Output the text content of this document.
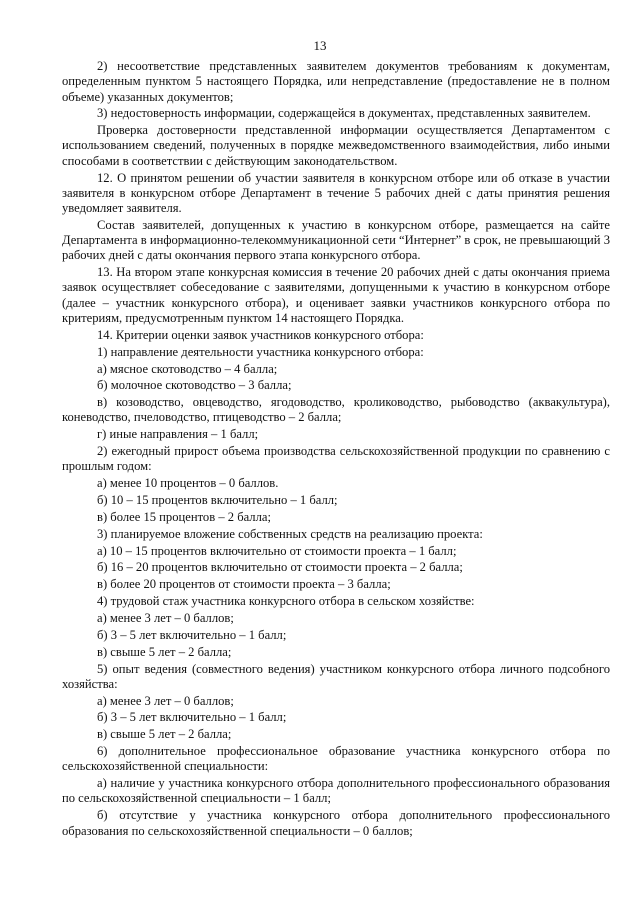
13

2) несоответствие представленных заявителем документов требованиям к документам, определенным пунктом 5 настоящего Порядка, или непредставление (предоставление не в полном объеме) указанных документов;

3) недостоверность информации, содержащейся в документах, представленных заявителем.

Проверка достоверности представленной информации осуществляется Департаментом с использованием сведений, полученных в порядке межведомственного взаимодействия, либо иными способами в соответствии с действующим законодательством.

12. О принятом решении об участии заявителя в конкурсном отборе или об отказе в участии заявителя в конкурсном отборе Департамент в течение 5 рабочих дней с даты принятия решения уведомляет заявителя.

Состав заявителей, допущенных к участию в конкурсном отборе, размещается на сайте Департамента в информационно-телекоммуникационной сети “Интернет” в срок, не превышающий 3 рабочих дней с даты окончания первого этапа конкурсного отбора.

13. На втором этапе конкурсная комиссия в течение 20 рабочих дней с даты окончания приема заявок осуществляет собеседование с заявителями, допущенными к участию в конкурсном отборе (далее – участник конкурсного отбора), и оценивает заявки участников конкурсного отбора по критериям, предусмотренным пунктом 14 настоящего Порядка.

14. Критерии оценки заявок участников конкурсного отбора:

1) направление деятельности участника конкурсного отбора:

а) мясное скотоводство – 4 балла;

б) молочное скотоводство – 3 балла;

в) козоводство, овцеводство, ягодоводство, кролиководство, рыбоводство (аквакультура), коневодство, пчеловодство, птицеводство – 2 балла;

г) иные направления – 1 балл;

2) ежегодный прирост объема производства сельскохозяйственной продукции по сравнению с прошлым годом:

а) менее 10 процентов – 0 баллов.

б) 10 – 15 процентов включительно – 1 балл;

в) более 15 процентов – 2 балла;

3) планируемое вложение собственных средств на реализацию проекта:

а) 10 – 15 процентов включительно от стоимости проекта – 1 балл;

б) 16 – 20 процентов включительно от стоимости проекта – 2 балла;

в) более 20 процентов от стоимости проекта – 3 балла;

4) трудовой стаж участника конкурсного отбора в сельском хозяйстве:

а) менее 3 лет – 0 баллов;

б) 3 – 5 лет включительно – 1 балл;

в) свыше 5 лет – 2 балла;

5) опыт ведения (совместного ведения) участником конкурсного отбора личного подсобного хозяйства:

а) менее 3 лет – 0 баллов;

б) 3 – 5 лет включительно – 1 балл;

в) свыше 5 лет – 2 балла;

6) дополнительное профессиональное образование участника конкурсного отбора по сельскохозяйственной специальности:

а) наличие у участника конкурсного отбора дополнительного профессионального образования по сельскохозяйственной специальности – 1 балл;

б) отсутствие у участника конкурсного отбора дополнительного профессионального образования по сельскохозяйственной специальности – 0 баллов;
